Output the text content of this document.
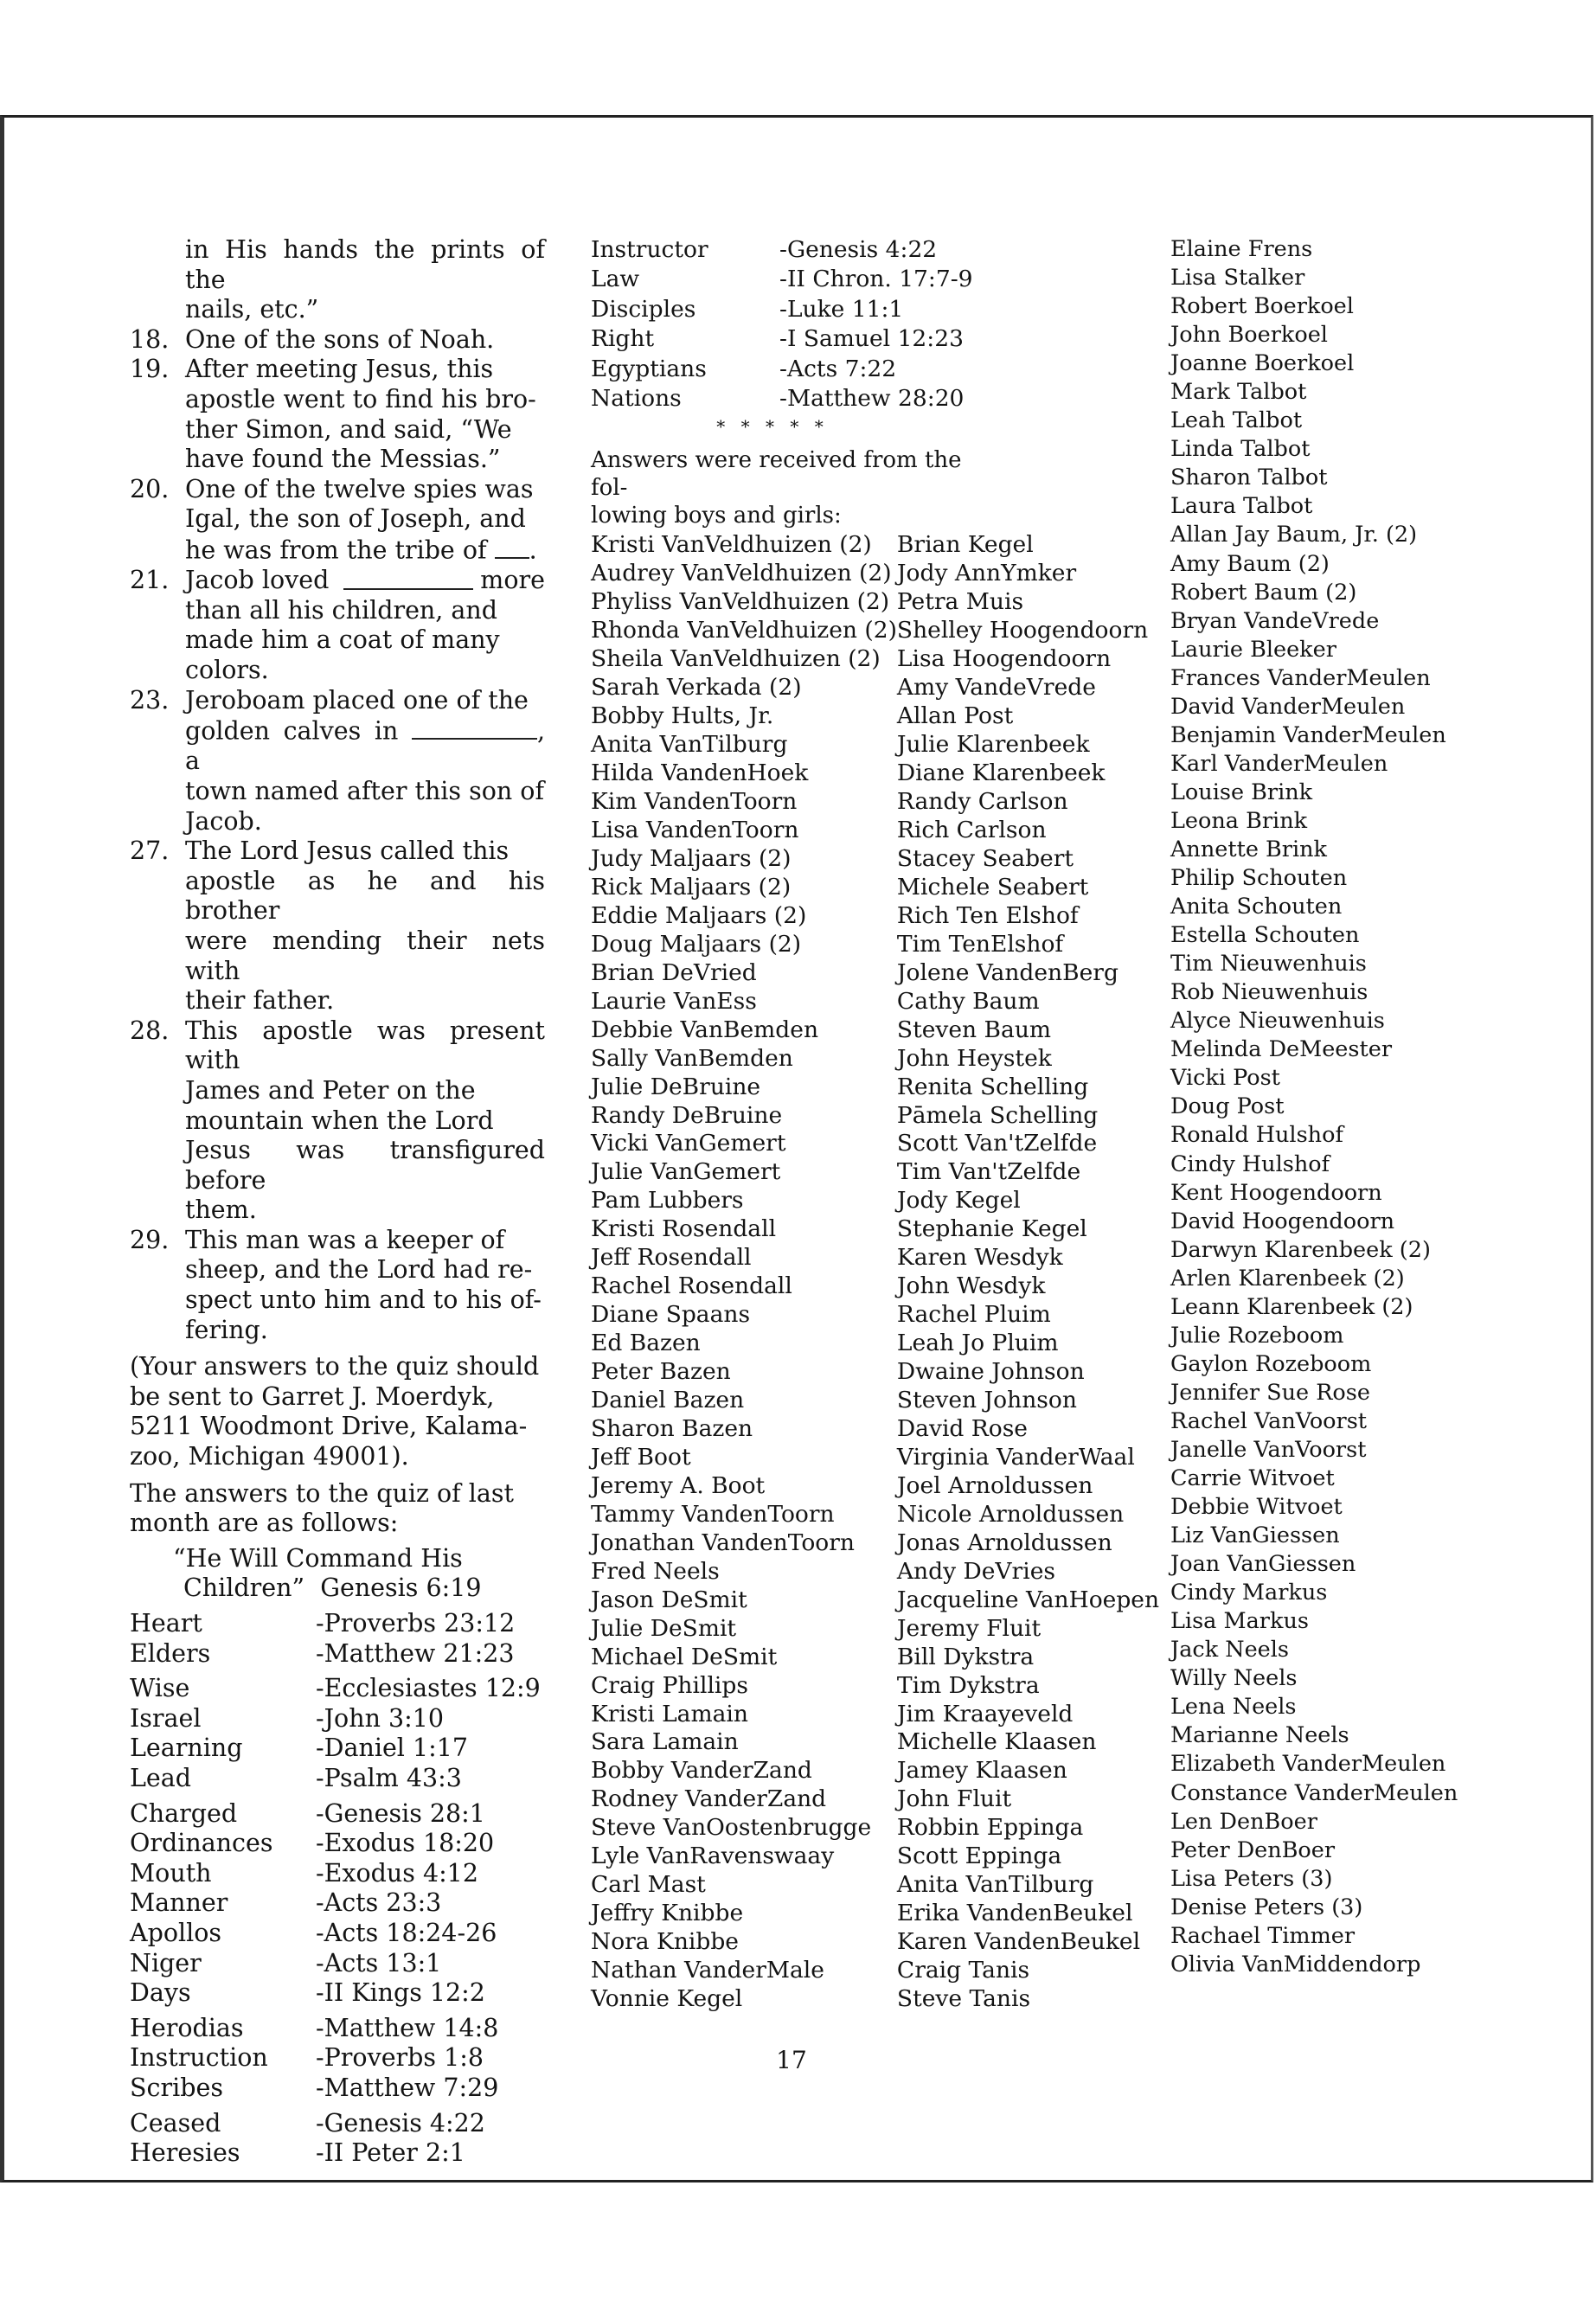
in His hands the prints of the
nails, etc.”
18. One of the sons of Noah.
19. After meeting Jesus, this
apostle went to find his bro-
ther Simon, and said, “We
have found the Messias.”
20. One of the twelve spies was
Igal, the son of Joseph, and
he was from the tribe of .
21. Jacob loved	more
than all his children, and
made him a coat of many
colors.
23. Jeroboam placed one of the
golden calves in	, a
town named after this son of
Jacob.
27. The Lord Jesus called this
apostle as he and his brother
were mending their nets with
their father.
28. This apostle was present with
James and Peter on the
mountain when the Lord
Jesus was transfigured before
them.
29. This man was a keeper of
sheep, and the Lord had re-
spect unto him and to his of-
fering.
(Your answers to the quiz should
be sent to Garret J. Moerdyk,
5211 Woodmont Drive, Kalama-
zoo, Michigan 49001).
The answers to the quiz of last
month are as follows:
“He Will Command His
Children” Genesis 6:19
Heart	-Proverbs 23:12
Elders	-Matthew 21:23
Wise	-Ecclesiastes 12:9
Israel	-John 3:10
Learning	-Daniel 1:17
Lead	-Psalm 43:3
Charged	-Genesis 28:1
Ordinances	-Exodus 18:20
Mouth	-Exodus 4:12
Manner	-Acts 23:3
Apollos	-Acts 18:24-26
Niger	-Acts 13:1
Days	-II Kings 12:2
Herodias	-Matthew 14:8
Instruction	-Proverbs 1:8
Scribes	-Matthew 7:29
Ceased	-Genesis 4:22
Heresies	-II Peter 2:1
Instructor	-Genesis 4:22
Law	-II Chron. 17:7-9
Disciples	-Luke 11:1
Right	-I Samuel 12:23
Egyptians	-Acts 7:22
Nations	-Matthew 28:20
* * * * *
Answers were received from the fol-
lowing boys and girls:
Kristi VanVeldhuizen (2)
Audrey VanVeldhuizen (2)
Phyliss VanVeldhuizen (2)
Rhonda VanVeldhuizen (2)
Sheila VanVeldhuizen (2)
Sarah Verkada (2)
Bobby Hults, Jr.
Anita VanTilburg
Hilda VandenHoek
Kim VandenToorn
Lisa VandenToorn
Judy Maljaars (2)
Rick Maljaars (2)
Eddie Maljaars (2)
Doug Maljaars (2)
Brian DeVried
Laurie VanEss
Debbie VanBemden
Sally VanBemden
Julie DeBruine
Randy DeBruine
Vicki VanGemert
Julie VanGemert
Pam Lubbers
Kristi Rosendall
Jeff Rosendall
Rachel Rosendall
Diane Spaans
Ed Bazen
Peter Bazen
Daniel Bazen
Sharon Bazen
Jeff Boot
Jeremy A. Boot
Tammy VandenToorn
Jonathan VandenToorn
Fred Neels
Jason DeSmit
Julie DeSmit
Michael DeSmit
Craig Phillips
Kristi Lamain
Sara Lamain
Bobby VanderZand
Rodney VanderZand
Steve VanOostenbrugge
Lyle VanRavenswaay
Carl Mast
Jeffry Knibbe
Nora Knibbe
Nathan VanderMale
Vonnie Kegel
Brian Kegel
Jody AnnYmker
Petra Muis
Shelley Hoogendoorn
Lisa Hoogendoorn
Amy VandeVrede
Allan Post
Julie Klarenbeek
Diane Klarenbeek
Randy Carlson
Rich Carlson
Stacey Seabert
Michele Seabert
Rich Ten Elshof
Tim TenElshof
Jolene VandenBerg
Cathy Baum
Steven Baum
John Heystek
Renita Schelling
Pāmela Schelling
Scott Van'tZelfde
Tim Van'tZelfde
Jody Kegel
Stephanie Kegel
Karen Wesdyk
John Wesdyk
Rachel Pluim
Leah Jo Pluim
Dwaine Johnson
Steven Johnson
David Rose
Virginia VanderWaal
Joel Arnoldussen
Nicole Arnoldussen
Jonas Arnoldussen
Andy DeVries
Jacqueline VanHoepen
Jeremy Fluit
Bill Dykstra
Tim Dykstra
Jim Kraayeveld
Michelle Klaasen
Jamey Klaasen
John Fluit
Robbin Eppinga
Scott Eppinga
Anita VanTilburg
Erika VandenBeukel
Karen VandenBeukel
Craig Tanis
Steve Tanis
Elaine Frens
Lisa Stalker
Robert Boerkoel
John Boerkoel
Joanne Boerkoel
Mark Talbot
Leah Talbot
Linda Talbot
Sharon Talbot
Laura Talbot
Allan Jay Baum, Jr. (2)
Amy Baum (2)
Robert Baum (2)
Bryan VandeVrede
Laurie Bleeker
Frances VanderMeulen
David VanderMeulen
Benjamin VanderMeulen
Karl VanderMeulen
Louise Brink
Leona Brink
Annette Brink
Philip Schouten
Anita Schouten
Estella Schouten
Tim Nieuwenhuis
Rob Nieuwenhuis
Alyce Nieuwenhuis
Melinda DeMeester
Vicki Post
Doug Post
Ronald Hulshof
Cindy Hulshof
Kent Hoogendoorn
David Hoogendoorn
Darwyn Klarenbeek (2)
Arlen Klarenbeek (2)
Leann Klarenbeek (2)
Julie Rozeboom
Gaylon Rozeboom
Jennifer Sue Rose
Rachel VanVoorst
Janelle VanVoorst
Carrie Witvoet
Debbie Witvoet
Liz VanGiessen
Joan VanGiessen
Cindy Markus
Lisa Markus
Jack Neels
Willy Neels
Lena Neels
Marianne Neels
Elizabeth VanderMeulen
Constance VanderMeulen
Len DenBoer
Peter DenBoer
Lisa Peters (3)
Denise Peters (3)
Rachael Timmer
Olivia VanMiddendorp
17
